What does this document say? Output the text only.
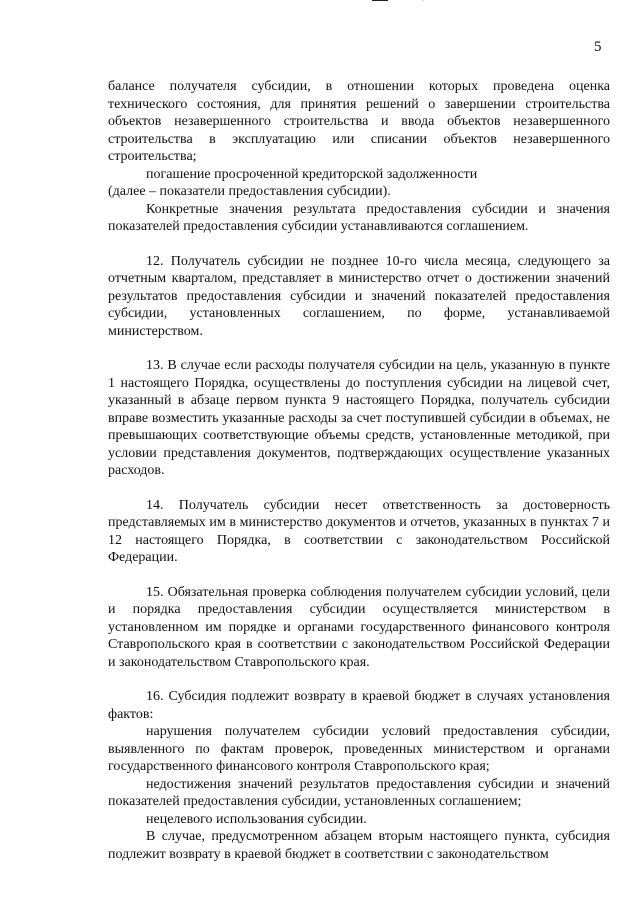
5

балансе получателя субсидии, в отношении которых проведена оценка технического состояния, для принятия решений о завершении строительства объектов незавершенного строительства и ввода объектов незавершенного строительства в эксплуатацию или списании объектов незавершенного строительства;

погашение просроченной кредиторской задолженности

(далее – показатели предоставления субсидии).

Конкретные значения результата предоставления субсидии и значения показателей предоставления субсидии устанавливаются соглашением.

12. Получатель субсидии не позднее 10-го числа месяца, следующего за отчетным кварталом, представляет в министерство отчет о достижении значений результатов предоставления субсидии и значений показателей предоставления субсидии, установленных соглашением, по форме, устанавливаемой министерством.

13. В случае если расходы получателя субсидии на цель, указанную в пункте 1 настоящего Порядка, осуществлены до поступления субсидии на лицевой счет, указанный в абзаце первом пункта 9 настоящего Порядка, получатель субсидии вправе возместить указанные расходы за счет поступившей субсидии в объемах, не превышающих соответствующие объемы средств, установленные методикой, при условии представления документов, подтверждающих осуществление указанных расходов.

14. Получатель субсидии несет ответственность за достоверность представляемых им в министерство документов и отчетов, указанных в пунктах 7 и 12 настоящего Порядка, в соответствии с законодательством Российской Федерации.

15. Обязательная проверка соблюдения получателем субсидии условий, цели и порядка предоставления субсидии осуществляется министерством в установленном им порядке и органами государственного финансового контроля Ставропольского края в соответствии с законодательством Российской Федерации и законодательством Ставропольского края.

16. Субсидия подлежит возврату в краевой бюджет в случаях установления фактов:

нарушения получателем субсидии условий предоставления субсидии, выявленного по фактам проверок, проведенных министерством и органами государственного финансового контроля Ставропольского края;

недостижения значений результатов предоставления субсидии и значений показателей предоставления субсидии, установленных соглашением;

нецелевого использования субсидии.

В случае, предусмотренном абзацем вторым настоящего пункта, субсидия подлежит возврату в краевой бюджет в соответствии с законодательством
